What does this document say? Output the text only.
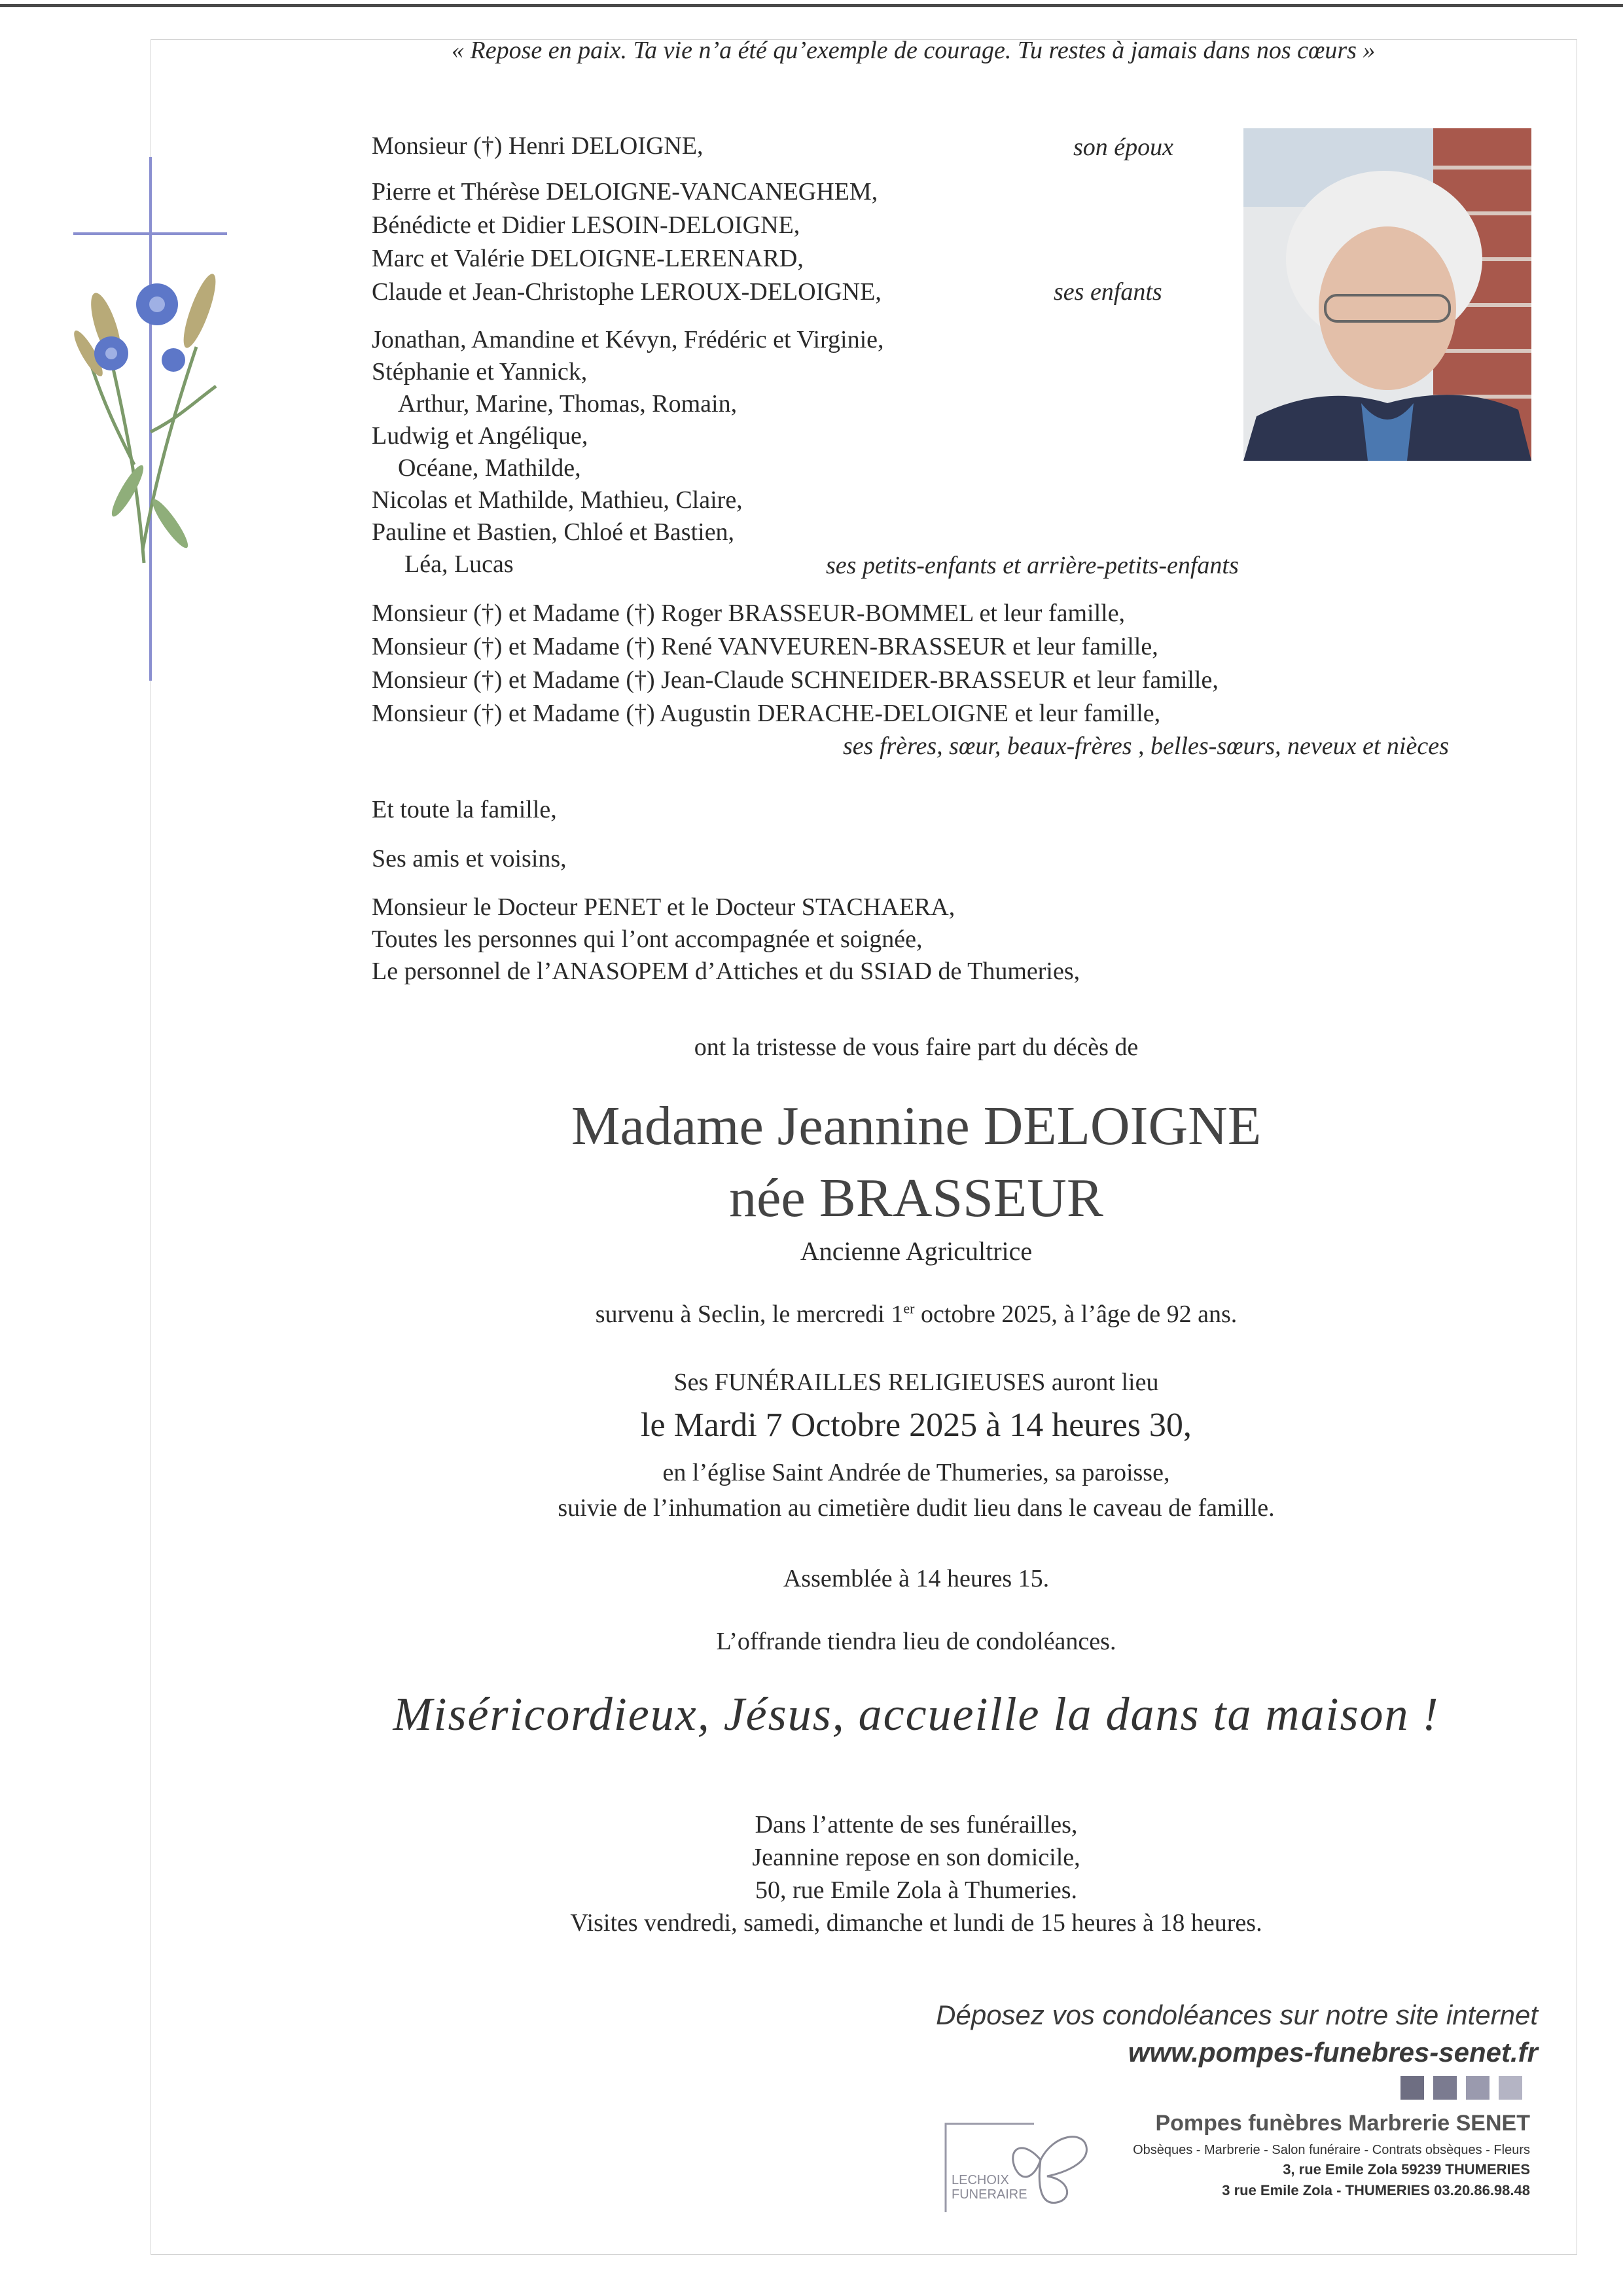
« Repose en paix. Ta vie n’a été qu’exemple de courage. Tu restes à jamais dans nos cœurs »
Monsieur (†) Henri DELOIGNE,	son époux
Pierre et Thérèse DELOIGNE-VANCANEGHEM,
Bénédicte et Didier LESOIN-DELOIGNE,
Marc et Valérie DELOIGNE-LERENARD,
Claude et Jean-Christophe LEROUX-DELOIGNE,	ses enfants
Jonathan, Amandine et Kévyn, Frédéric et Virginie,
Stéphanie et Yannick,
Arthur, Marine, Thomas, Romain,
Ludwig et Angélique,
Océane, Mathilde,
Nicolas et Mathilde, Mathieu, Claire,
Pauline et Bastien, Chloé et Bastien,
Léa, Lucas	ses petits-enfants et arrière-petits-enfants
Monsieur (†) et Madame (†) Roger BRASSEUR-BOMMEL et leur famille,
Monsieur (†) et Madame (†) René VANVEUREN-BRASSEUR et leur famille,
Monsieur (†) et Madame (†) Jean-Claude SCHNEIDER-BRASSEUR et leur famille,
Monsieur (†) et Madame (†) Augustin DERACHE-DELOIGNE et leur famille,
ses frères, sœur, beaux-frères , belles-sœurs, neveux et nièces
Et toute la famille,
Ses amis et voisins,
Monsieur le Docteur PENET et le Docteur STACHAERA,
Toutes les personnes qui l’ont accompagnée et soignée,
Le personnel de l’ANASOPEM d’Attiches et du SSIAD de Thumeries,
ont la tristesse de vous faire part du décès de
Madame Jeannine DELOIGNE
née BRASSEUR
Ancienne Agricultrice
survenu à Seclin, le mercredi 1er octobre 2025, à l’âge de 92 ans.
Ses FUNÉRAILLES RELIGIEUSES auront lieu
le Mardi 7 Octobre 2025 à 14 heures 30,
en l’église Saint Andrée de Thumeries, sa paroisse,
suivie de l’inhumation au cimetière dudit lieu dans le caveau de famille.
Assemblée à 14 heures 15.
L’offrande tiendra lieu de condoléances.
Miséricordieux, Jésus, accueille la dans ta maison !
Dans l’attente de ses funérailles,
Jeannine repose en son domicile,
50, rue Emile Zola à Thumeries.
Visites vendredi, samedi, dimanche et lundi de 15 heures à 18 heures.
Déposez vos condoléances sur notre site internet
www.pompes-funebres-senet.fr
Pompes funèbres Marbrerie SENET
Obsèques - Marbrerie - Salon funéraire - Contrats obsèques - Fleurs
3, rue Emile Zola 59239 THUMERIES
3 rue Emile Zola - THUMERIES 03.20.86.98.48
LECHOIX
FUNERAIRE
